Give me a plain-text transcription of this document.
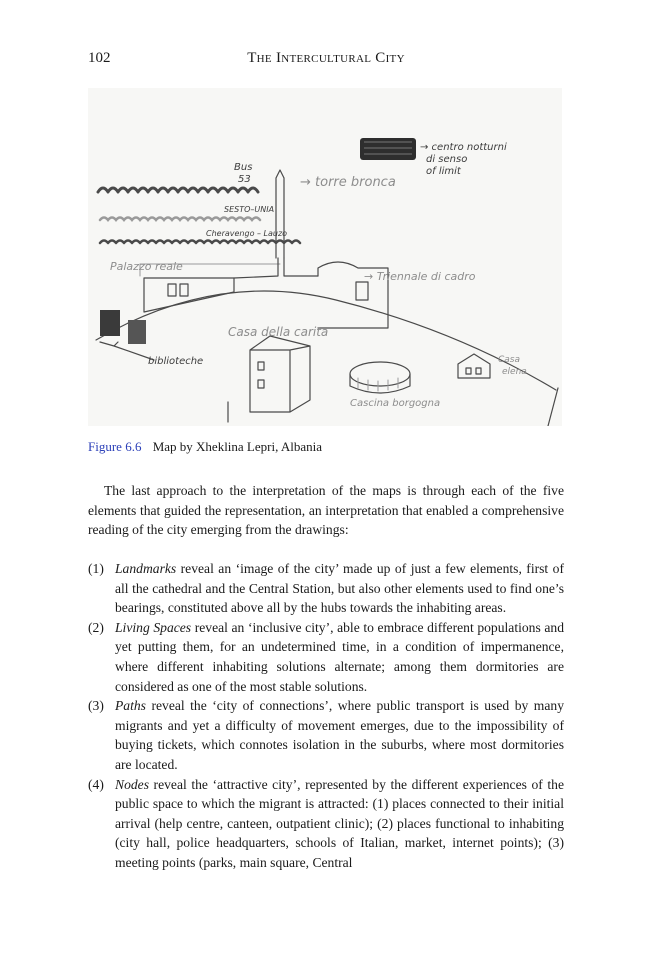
102	The Intercultural City
Bus
53	→ torre bronca
SESTO–UNIA
Cheravengo – Lauzo
Palazzo reale
→ Triennale di cadro
Casa della carita
biblioteche
→ centro notturni
di senso
of limit
Casa
elena
Cascina borgogna
Figure 6.6 Map by Xheklina Lepri, Albania

The last approach to the interpretation of the maps is through each of the five elements that guided the representation, an interpretation that enabled a comprehensive reading of the city emerging from the drawings:

(1) Landmarks reveal an ‘image of the city’ made up of just a few elements, first of all the cathedral and the Central Station, but also other elements used to find one’s bearings, constituted above all by the hubs towards the inhabiting areas.
(2) Living Spaces reveal an ‘inclusive city’, able to embrace different populations and yet putting them, for an undetermined time, in a condition of impermanence, where different inhabiting solutions alternate; among them dormitories are considered as one of the most stable solutions.
(3) Paths reveal the ‘city of connections’, where public transport is used by many migrants and yet a difficulty of movement emerges, due to the impossibility of buying tickets, which connotes isolation in the suburbs, where most dormitories are located.
(4) Nodes reveal the ‘attractive city’, represented by the different experiences of the public space to which the migrant is attracted: (1) places connected to their initial arrival (help centre, canteen, outpatient clinic); (2) places functional to inhabiting (city hall, police headquarters, schools of Italian, market, internet points); (3) meeting points (parks, main square, Central
